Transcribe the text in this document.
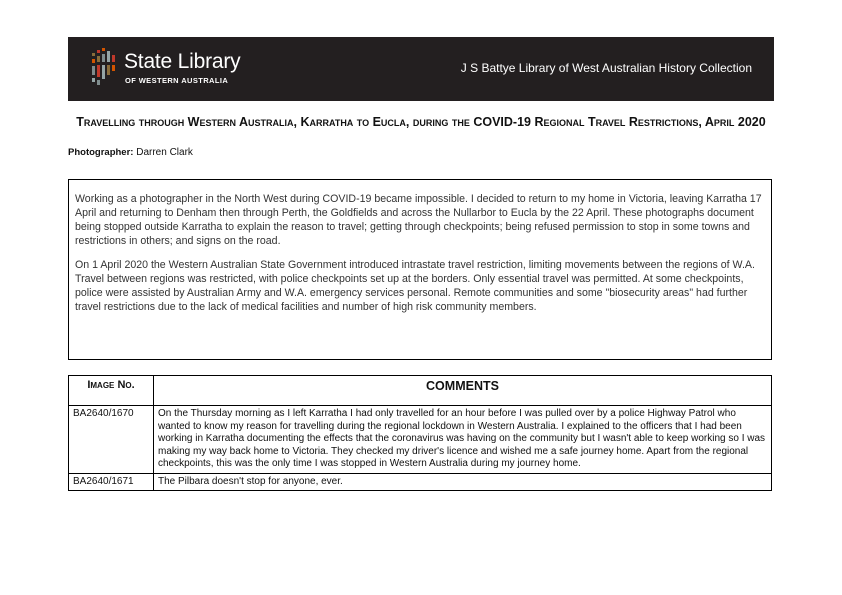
State Library
OF WESTERN AUSTRALIA
J S Battye Library of West Australian History Collection
Travelling through Western Australia, Karratha to Eucla, during the COVID-19 Regional Travel Restrictions, April 2020
Photographer: Darren Clark

Working as a photographer in the North West during COVID-19 became impossible. I decided to return to my home in Victoria, leaving Karratha 17 April and returning to Denham then through Perth, the Goldfields and across the Nullarbor to Eucla by the 22 April. These photographs document being stopped outside Karratha to explain the reason to travel; getting through checkpoints; being refused permission to stop in some towns and restrictions in others; and signs on the road.

On 1 April 2020 the Western Australian State Government introduced intrastate travel restriction, limiting movements between the regions of W.A. Travel between regions was restricted, with police checkpoints set up at the borders. Only essential travel was permitted. At some checkpoints, police were assisted by Australian Army and W.A. emergency services personal. Remote communities and some "biosecurity areas" had further travel restrictions due to the lack of medical facilities and number of high risk community members.

Image No.	COMMENTS
BA2640/1670	On the Thursday morning as I left Karratha I had only travelled for an hour before I was pulled over by a police Highway Patrol who wanted to know my reason for travelling during the regional lockdown in Western Australia. I explained to the officers that I had been working in Karratha documenting the effects that the coronavirus was having on the community but I wasn't able to keep working so I was making my way back home to Victoria. They checked my driver's licence and wished me a safe journey home. Apart from the regional checkpoints, this was the only time I was stopped in Western Australia during my journey home.
BA2640/1671	The Pilbara doesn't stop for anyone, ever.
